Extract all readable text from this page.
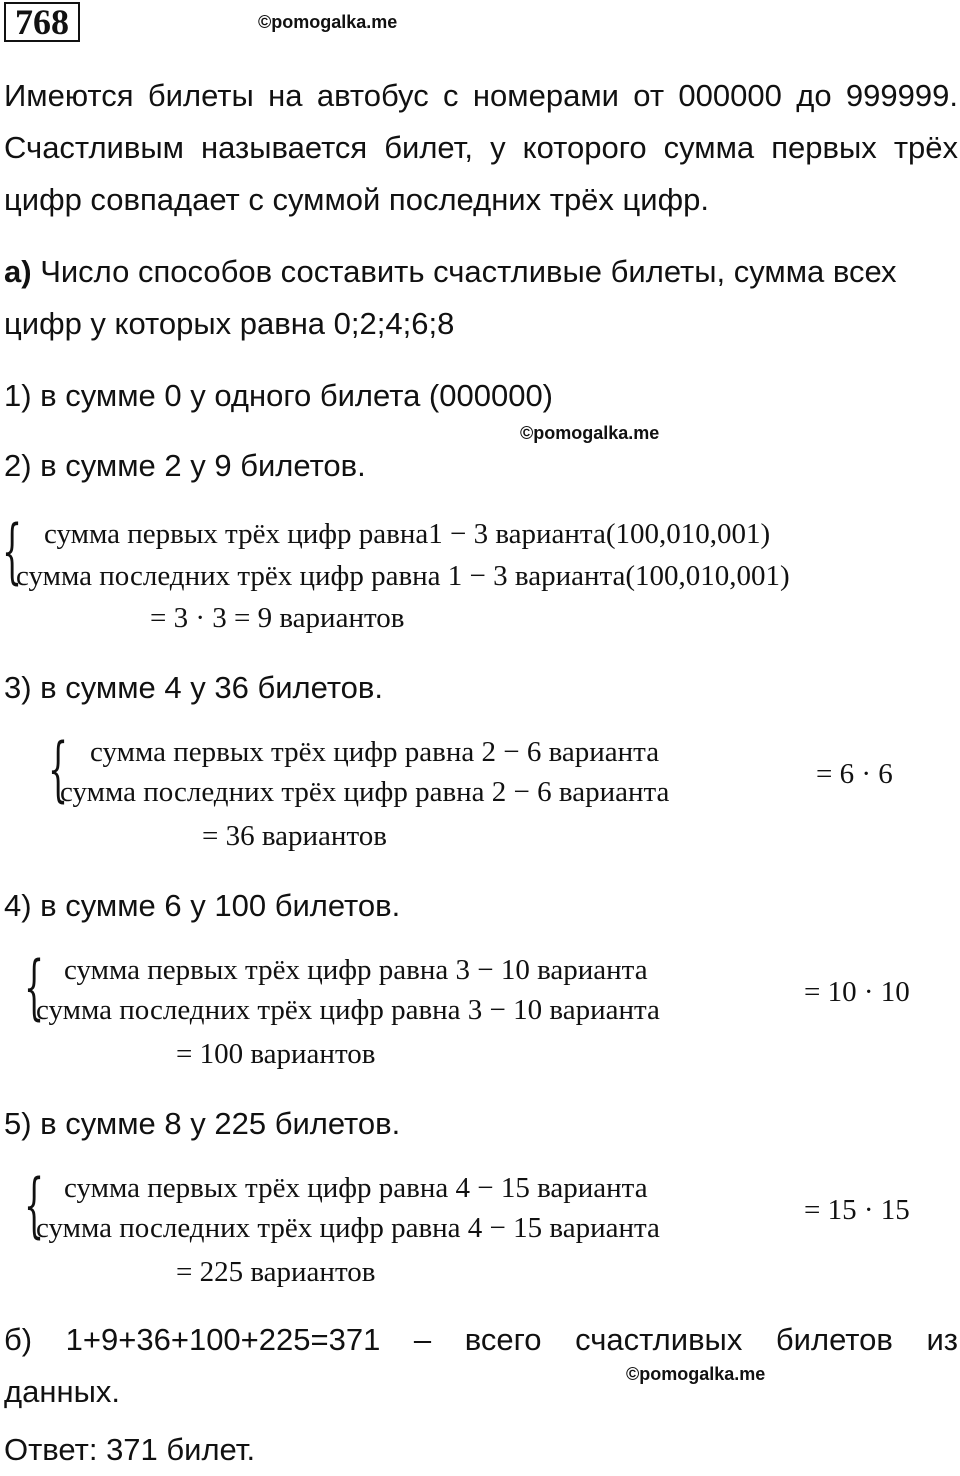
768	©pomogalka.me

Имеются билеты на автобус с номерами от 000000 до 999999. Счастливым называется билет, у которого сумма первых трёх цифр совпадает с суммой последних трёх цифр.

а) Число способов составить счастливые билеты, сумма всех цифр у которых равна 0;2;4;6;8

1) в сумме 0 у одного билета (000000)
©pomogalka.me
2) в сумме 2 у 9 билетов.
{ сумма первых трёх цифр равна1 − 3 варианта(100,010,001)
сумма последних трёх цифр равна 1 − 3 варианта(100,010,001)
= 3 · 3 = 9 вариантов
3) в сумме 4 у 36 билетов.
{ сумма первых трёх цифр равна 2 − 6 варианта
сумма последних трёх цифр равна 2 − 6 варианта
= 6 · 6
= 36 вариантов
4) в сумме 6 у 100 билетов.
{ сумма первых трёх цифр равна 3 − 10 варианта
сумма последних трёх цифр равна 3 − 10 варианта
= 10 · 10
= 100 вариантов
5) в сумме 8 у 225 билетов.
{ сумма первых трёх цифр равна 4 − 15 варианта
сумма последних трёх цифр равна 4 − 15 варианта
= 15 · 15
= 225 вариантов
б) 1+9+36+100+225=371 – всего счастливых билетов из
©pomogalka.me
данных.
Ответ: 371 билет.
